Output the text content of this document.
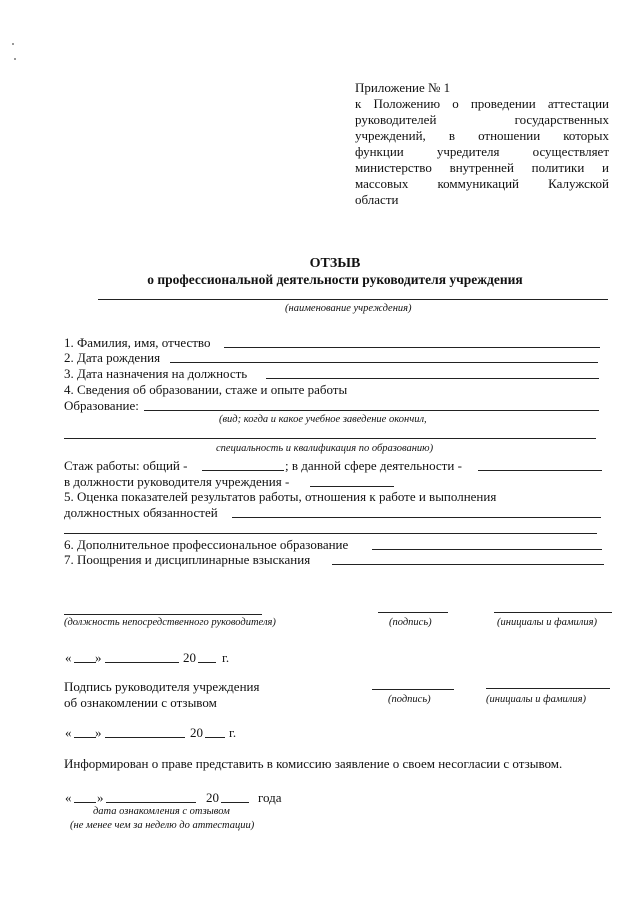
Приложение № 1
к Положению о проведении аттестации
руководителей государственных
учреждений, в отношении которых
функции учредителя осуществляет
министерство внутренней политики и
массовых коммуникаций Калужской
области
ОТЗЫВ
о профессиональной деятельности руководителя учреждения
(наименование учреждения)
1. Фамилия, имя, отчество
2. Дата рождения
3. Дата назначения на должность
4. Сведения об образовании, стаже и опыте работы
Образование:
(вид; когда и какое учебное заведение окончил,
специальность и квалификация по образованию)
Стаж работы: общий -	; в данной сфере деятельности -
в должности руководителя учреждения -
5. Оценка показателей результатов работы, отношения к работе и выполнения
должностных обязанностей
6. Дополнительное профессиональное образование
7. Поощрения и дисциплинарные взыскания
(должность непосредственного руководителя)	(подпись)	(инициалы и фамилия)
« »	20 г.
Подпись руководителя учреждения
об ознакомлении с отзывом	(подпись)	(инициалы и фамилия)
« »	20 г.
Информирован о праве представить в комиссию заявление о своем несогласии с отзывом.
« »	20	года
дата ознакомления с отзывом
(не менее чем за неделю до аттестации)
